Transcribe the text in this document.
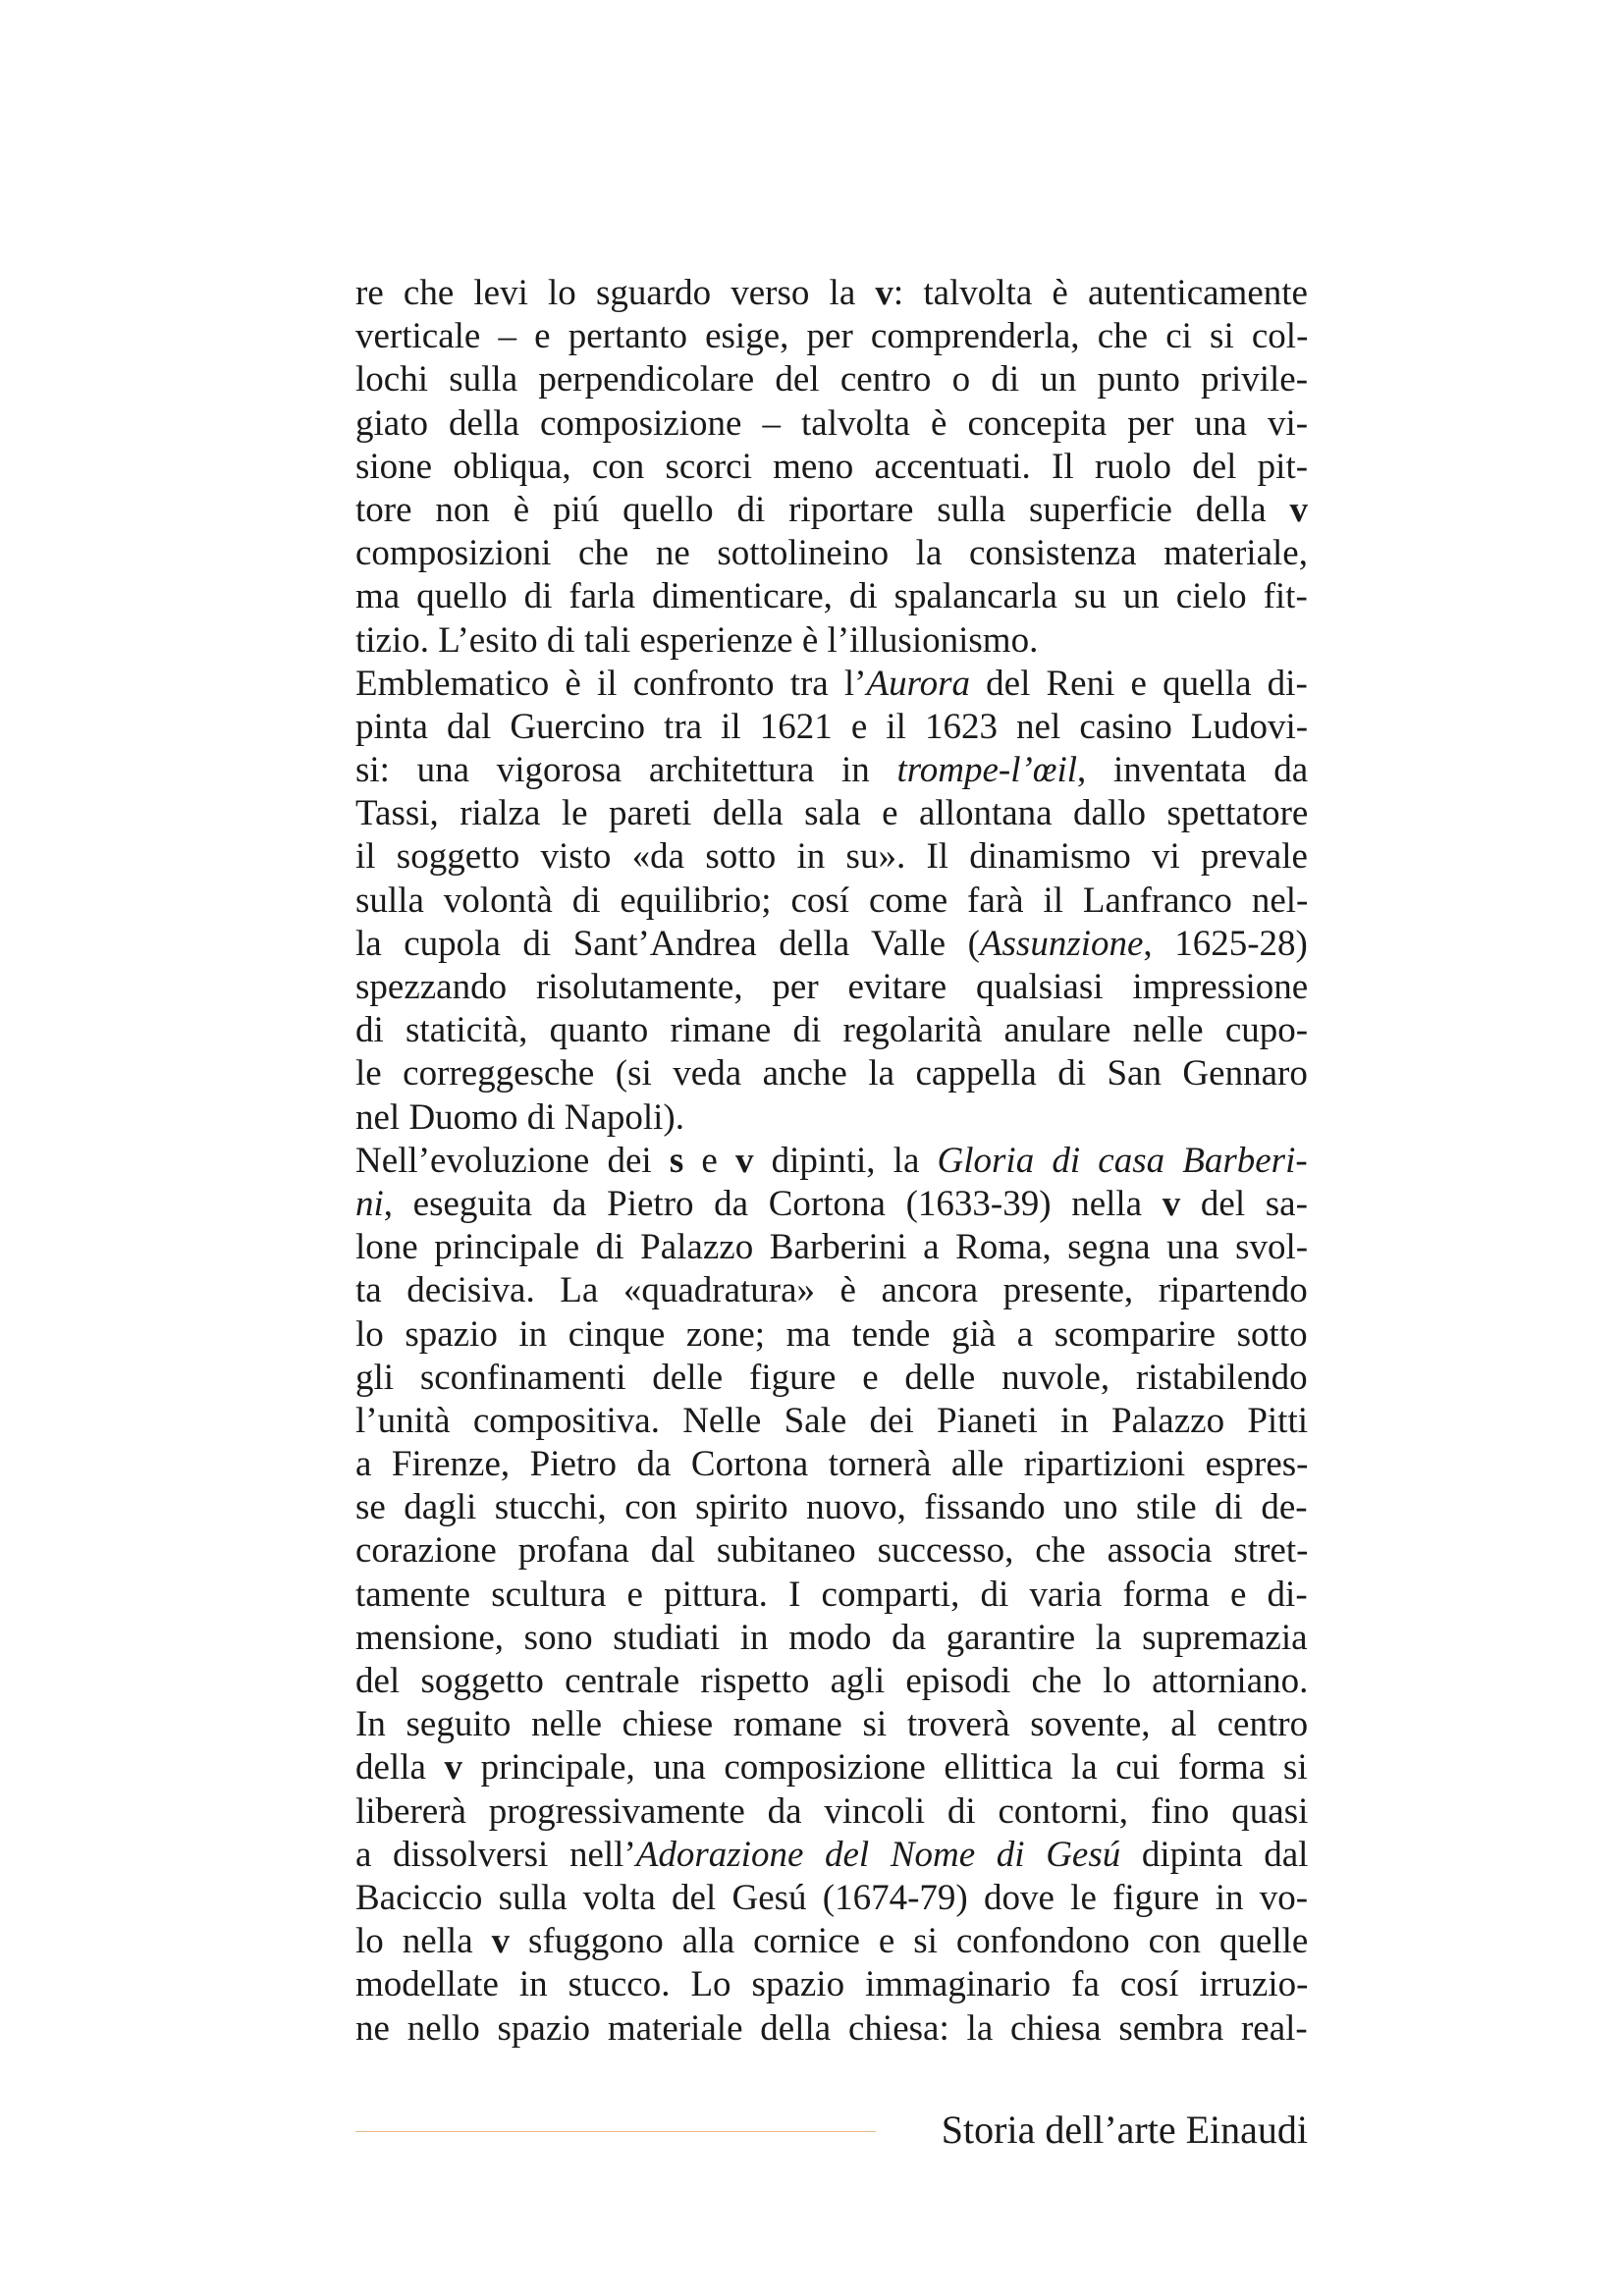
re che levi lo sguardo verso la v: talvolta è autenticamente
verticale – e pertanto esige, per comprenderla, che ci si col-
lochi sulla perpendicolare del centro o di un punto privile-
giato della composizione – talvolta è concepita per una vi-
sione obliqua, con scorci meno accentuati. Il ruolo del pit-
tore non è piú quello di riportare sulla superficie della v
composizioni che ne sottolineino la consistenza materiale,
ma quello di farla dimenticare, di spalancarla su un cielo fit-
tizio. L’esito di tali esperienze è l’illusionismo.
Emblematico è il confronto tra l’Aurora del Reni e quella di-
pinta dal Guercino tra il 1621 e il 1623 nel casino Ludovi-
si: una vigorosa architettura in trompe-l’œil, inventata da
Tassi, rialza le pareti della sala e allontana dallo spettatore
il soggetto visto «da sotto in su». Il dinamismo vi prevale
sulla volontà di equilibrio; cosí come farà il Lanfranco nel-
la cupola di Sant’Andrea della Valle (Assunzione, 1625-28)
spezzando risolutamente, per evitare qualsiasi impressione
di staticità, quanto rimane di regolarità anulare nelle cupo-
le correggesche (si veda anche la cappella di San Gennaro
nel Duomo di Napoli).
Nell’evoluzione dei s e v dipinti, la Gloria di casa Barberi-
ni, eseguita da Pietro da Cortona (1633-39) nella v del sa-
lone principale di Palazzo Barberini a Roma, segna una svol-
ta decisiva. La «quadratura» è ancora presente, ripartendo
lo spazio in cinque zone; ma tende già a scomparire sotto
gli sconfinamenti delle figure e delle nuvole, ristabilendo
l’unità compositiva. Nelle Sale dei Pianeti in Palazzo Pitti
a Firenze, Pietro da Cortona tornerà alle ripartizioni espres-
se dagli stucchi, con spirito nuovo, fissando uno stile di de-
corazione profana dal subitaneo successo, che associa stret-
tamente scultura e pittura. I comparti, di varia forma e di-
mensione, sono studiati in modo da garantire la supremazia
del soggetto centrale rispetto agli episodi che lo attorniano.
In seguito nelle chiese romane si troverà sovente, al centro
della v principale, una composizione ellittica la cui forma si
libererà progressivamente da vincoli di contorni, fino quasi
a dissolversi nell’Adorazione del Nome di Gesú dipinta dal
Baciccio sulla volta del Gesú (1674-79) dove le figure in vo-
lo nella v sfuggono alla cornice e si confondono con quelle
modellate in stucco. Lo spazio immaginario fa cosí irruzio-
ne nello spazio materiale della chiesa: la chiesa sembra real-
Storia dell’arte Einaudi
